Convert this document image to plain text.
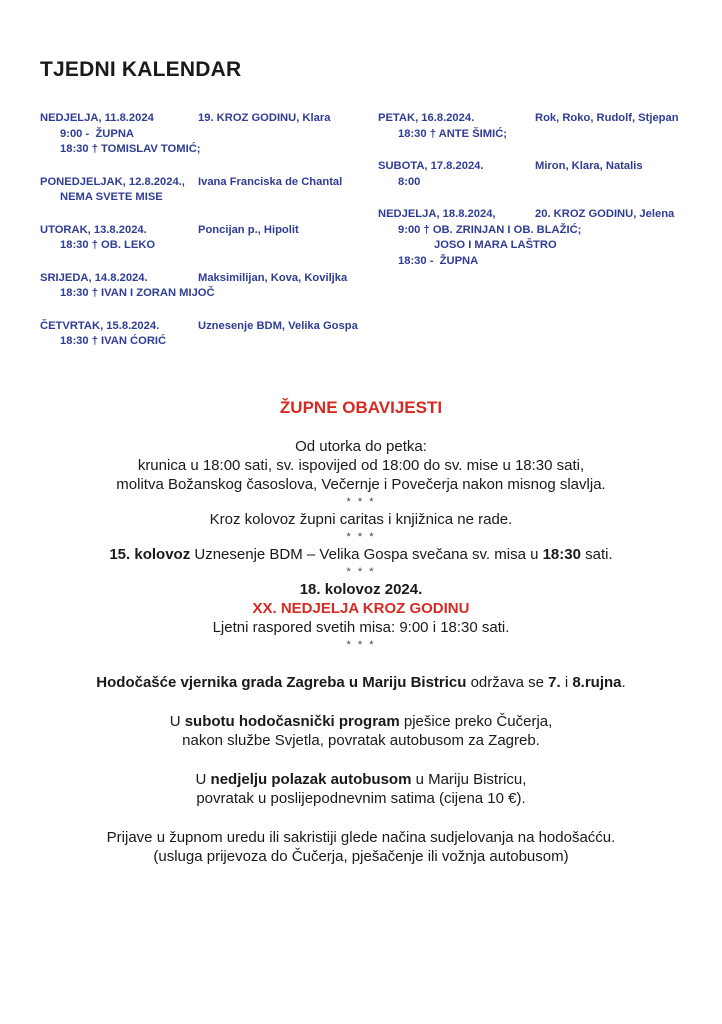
TJEDNI KALENDAR
NEDJELJA, 11.8.2024	19. KROZ GODINU, Klara
9:00 -  ŽUPNA
18:30 † TOMISLAV TOMIĆ;
PONEDJELJAK, 12.8.2024., Ivana Franciska de Chantal
NEMA SVETE MISE
UTORAK, 13.8.2024.	Poncijan p., Hipolit
18:30 † OB. LEKO
SRIJEDA, 14.8.2024.	Maksimilijan, Kova, Koviljka
18:30 † IVAN I ZORAN MIJOČ
ČETVRTAK, 15.8.2024.	Uznesenje BDM, Velika Gospa
18:30 † IVAN ĆORIĆ
PETAK, 16.8.2024.	Rok, Roko, Rudolf, Stjepan
18:30 † ANTE ŠIMIĆ;
SUBOTA, 17.8.2024.	Miron, Klara, Natalis
8:00
NEDJELJA, 18.8.2024,	20. KROZ GODINU, Jelena
9:00 † OB. ZRINJAN I OB. BLAŽIĆ;
JOSO I MARA LAŠTRO
18:30 -  ŽUPNA
ŽUPNE OBAVIJESTI
Od utorka do petka:
krunica u 18:00 sati, sv. ispovijed od 18:00 do sv. mise u 18:30 sati,
molitva Božanskog časoslova, Večernje i Povečerja nakon misnog slavlja.
* * *
Kroz kolovoz župni caritas i knjižnica ne rade.
* * *
15. kolovoz Uznesenje BDM – Velika Gospa svečana sv. misa u 18:30 sati.
* * *
18. kolovoz 2024.
XX. NEDJELJA KROZ GODINU
Ljetni raspored svetih misa: 9:00 i 18:30 sati.
* * *
Hodočašće vjernika grada Zagreba u Mariju Bistricu održava se 7. i 8.rujna.
U subotu hodočasnički program pješice preko Čučerja,
nakon službe Svjetla, povratak autobusom za Zagreb.
U nedjelju polazak autobusom u Mariju Bistricu,
povratak u poslijepodnevnim satima (cijena 10 €).
Prijave u župnom uredu ili sakristiji glede načina sudjelovanja na hodošaćću.
(usluga prijevoza do Čučerja, pješačenje ili vožnja autobusom)
